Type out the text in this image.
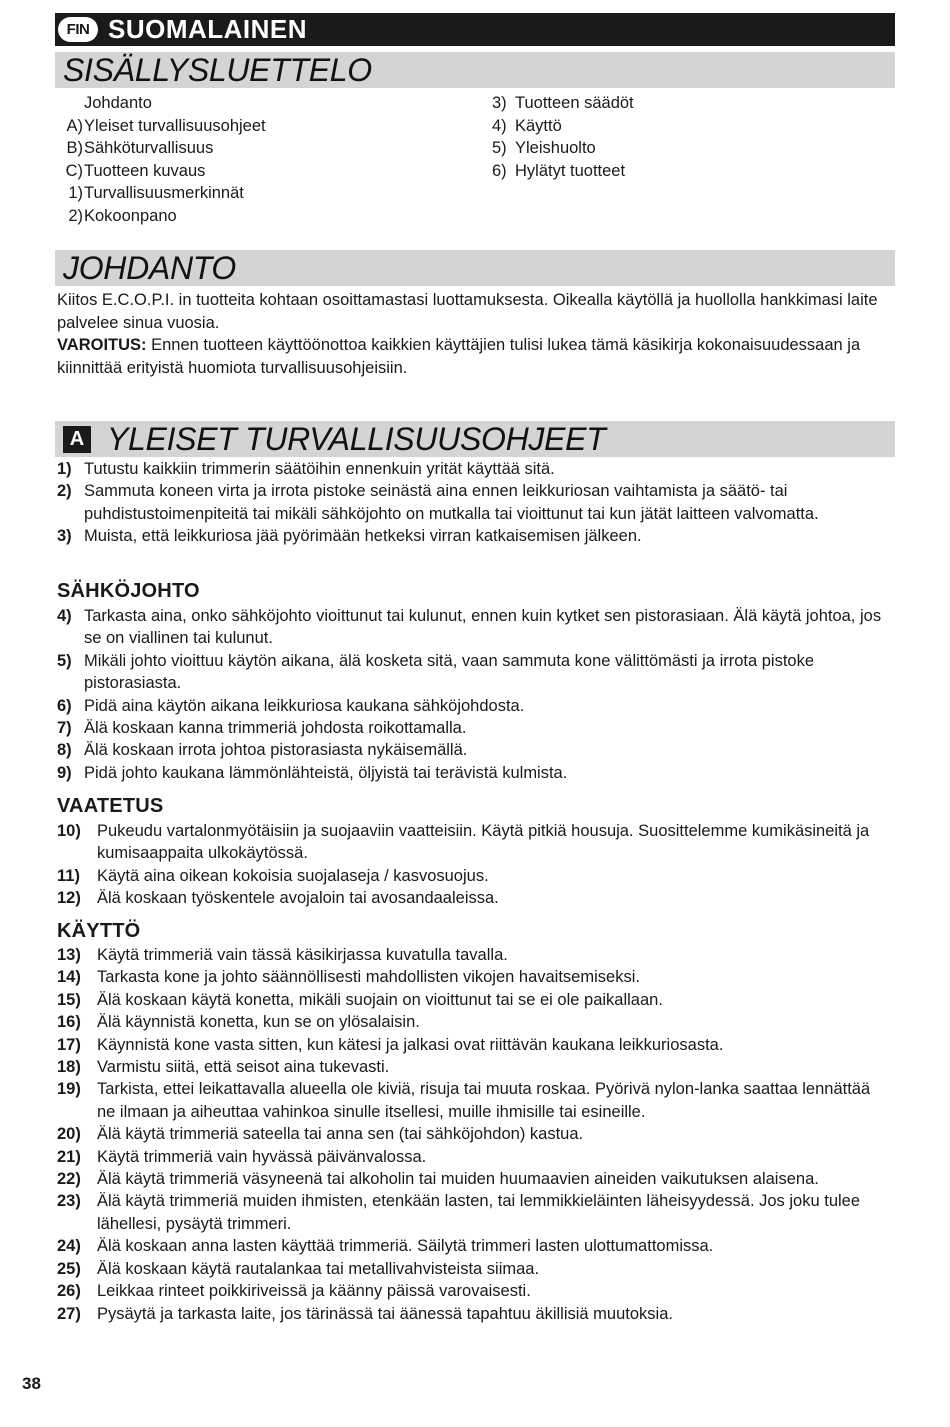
FIN SUOMALAINEN
SISÄLLYSLUETTELO
Johdanto
A) Yleiset turvallisuusohjeet
B) Sähköturvallisuus
C) Tuotteen kuvaus
1) Turvallisuusmerkinnät
2) Kokoonpano
3) Tuotteen säädöt
4) Käyttö
5) Yleishuolto
6) Hylätyt tuotteet
JOHDANTO

Kiitos E.C.O.P.I. in tuotteita kohtaan osoittamastasi luottamuksesta. Oikealla käytöllä ja huollolla hankkimasi laite palvelee sinua vuosia.

VAROITUS: Ennen tuotteen käyttöönottoa kaikkien käyttäjien tulisi lukea tämä käsikirja kokonaisuudessaan ja kiinnittää erityistä huomiota turvallisuusohjeisiin.

A YLEISET TURVALLISUUSOHJEET
1) Tutustu kaikkiin trimmerin säätöihin ennenkuin yrität käyttää sitä.
2) Sammuta koneen virta ja irrota pistoke seinästä aina ennen leikkuriosan vaihtamista ja säätö- tai puhdistustoimenpiteitä tai mikäli sähköjohto on mutkalla tai vioittunut tai kun jätät laitteen valvomatta.
3) Muista, että leikkuriosa jää pyörimään hetkeksi virran katkaisemisen jälkeen.
SÄHKÖJOHTO
4) Tarkasta aina, onko sähköjohto vioittunut tai kulunut, ennen kuin kytket sen pistorasiaan. Älä käytä johtoa, jos se on viallinen tai kulunut.
5) Mikäli johto vioittuu käytön aikana, älä kosketa sitä, vaan sammuta kone välittömästi ja irrota pistoke pistorasiasta.
6) Pidä aina käytön aikana leikkuriosa kaukana sähköjohdosta.
7) Älä koskaan kanna trimmeriä johdosta roikottamalla.
8) Älä koskaan irrota johtoa pistorasiasta nykäisemällä.
9) Pidä johto kaukana lämmönlähteistä, öljyistä tai terävistä kulmista.
VAATETUS
10) Pukeudu vartalonmyötäisiin ja suojaaviin vaatteisiin. Käytä pitkiä housuja. Suosittelemme kumikäsineitä ja kumisaappaita ulkokäytössä.
11)	Käytä aina oikean kokoisia suojalaseja / kasvosuojus.
12) Älä koskaan työskentele avojaloin tai avosandaaleissa.
KÄYTTÖ
13) Käytä trimmeriä vain tässä käsikirjassa kuvatulla tavalla.
14) Tarkasta kone ja johto säännöllisesti mahdollisten vikojen havaitsemiseksi.
15) Älä koskaan käytä konetta, mikäli suojain on vioittunut tai se ei ole paikallaan.
16) Älä käynnistä konetta, kun se on ylösalaisin.
17) Käynnistä kone vasta sitten, kun kätesi ja jalkasi ovat riittävän kaukana leikkuriosasta.
18) Varmistu siitä, että seisot aina tukevasti.
19) Tarkista, ettei leikattavalla alueella ole kiviä, risuja tai muuta roskaa. Pyörivä nylon-lanka saattaa lennättää ne ilmaan ja aiheuttaa vahinkoa sinulle itsellesi, muille ihmisille tai esineille.
20) Älä käytä trimmeriä sateella tai anna sen (tai sähköjohdon) kastua.
21) Käytä trimmeriä vain hyvässä päivänvalossa.
22) Älä käytä trimmeriä väsyneenä tai alkoholin tai muiden huumaavien aineiden vaikutuksen alaisena.
23) Älä käytä trimmeriä muiden ihmisten, etenkään lasten, tai lemmikkieläinten läheisyydessä. Jos joku tulee lähellesi, pysäytä trimmeri.
24) Älä koskaan anna lasten käyttää trimmeriä. Säilytä trimmeri lasten ulottumattomissa.
25) Älä koskaan käytä rautalankaa tai metallivahvisteista siimaa.
26) Leikkaa rinteet poikkiriveissä ja käänny päissä varovaisesti.
27) Pysäytä ja tarkasta laite, jos tärinässä tai äänessä tapahtuu äkillisiä muutoksia.
38
